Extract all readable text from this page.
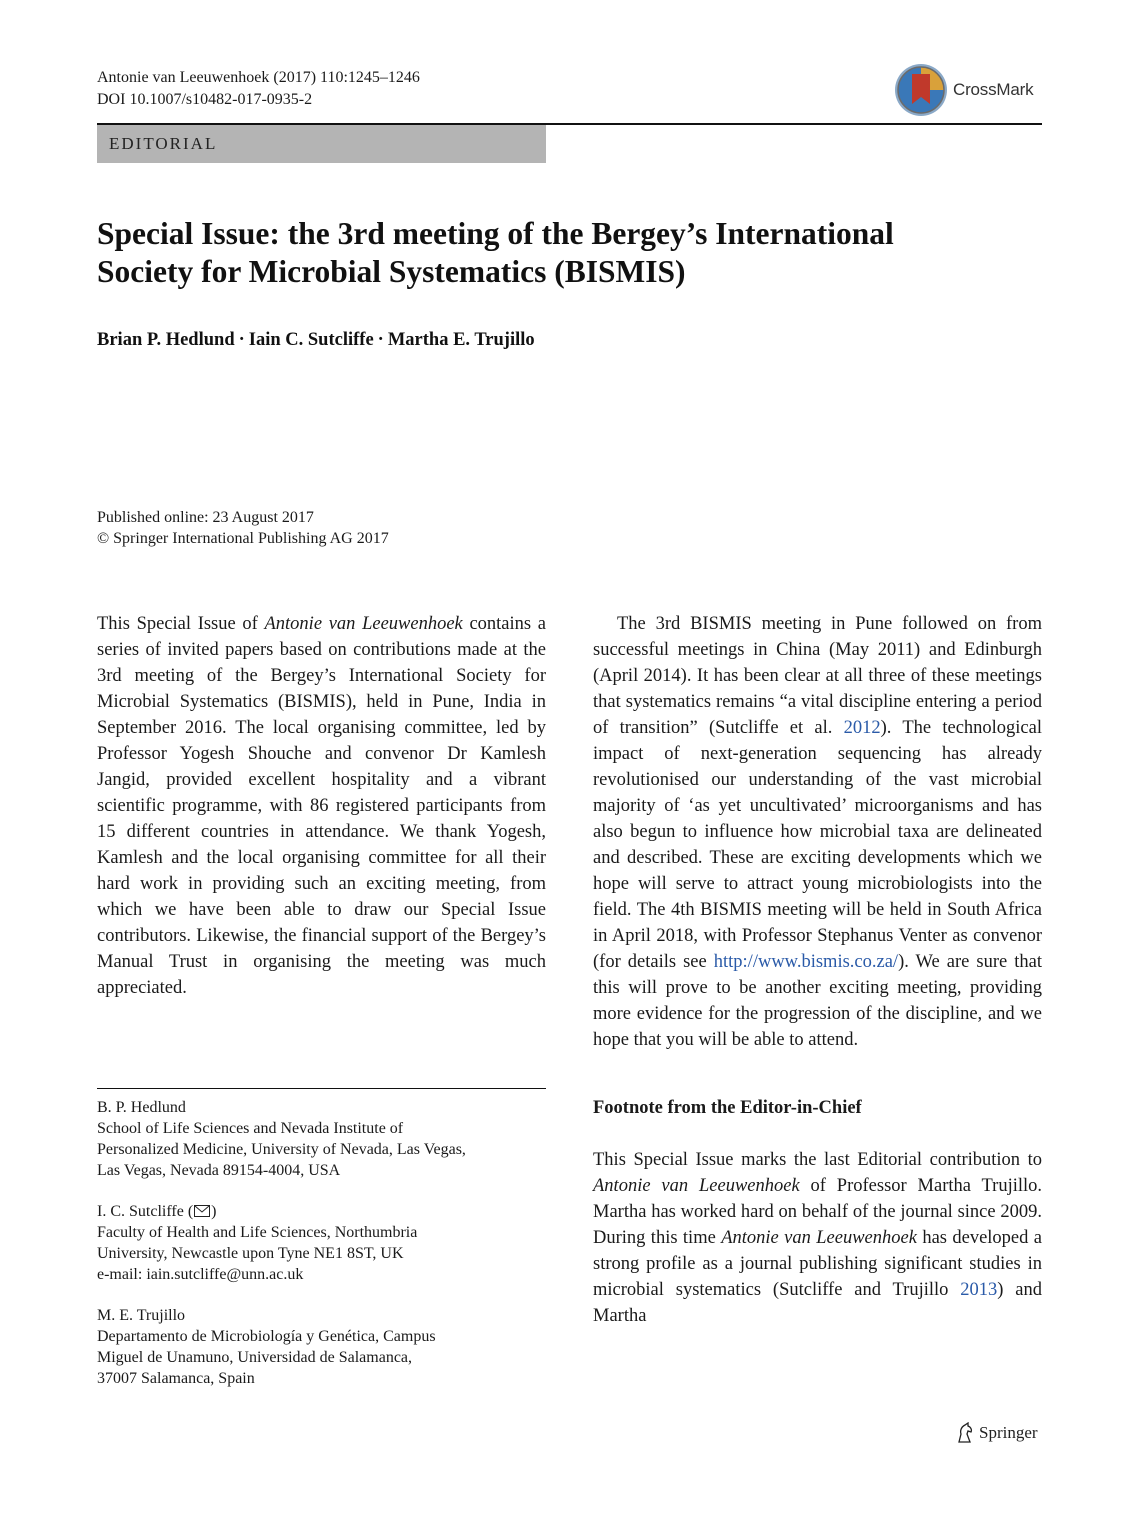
Antonie van Leeuwenhoek (2017) 110:1245–1246
DOI 10.1007/s10482-017-0935-2
CrossMark
EDITORIAL
Special Issue: the 3rd meeting of the Bergey’s International Society for Microbial Systematics (BISMIS)
Brian P. Hedlund · Iain C. Sutcliffe · Martha E. Trujillo
Published online: 23 August 2017
© Springer International Publishing AG 2017

This Special Issue of Antonie van Leeuwenhoek contains a series of invited papers based on contributions made at the 3rd meeting of the Bergey’s International Society for Microbial Systematics (BISMIS), held in Pune, India in September 2016. The local organising committee, led by Professor Yogesh Shouche and convenor Dr Kamlesh Jangid, provided excellent hospitality and a vibrant scientific programme, with 86 registered participants from 15 different countries in attendance. We thank Yogesh, Kamlesh and the local organising committee for all their hard work in providing such an exciting meeting, from which we have been able to draw our Special Issue contributors. Likewise, the financial support of the Bergey’s Manual Trust in organising the meeting was much appreciated.

The 3rd BISMIS meeting in Pune followed on from successful meetings in China (May 2011) and Edinburgh (April 2014). It has been clear at all three of these meetings that systematics remains “a vital discipline entering a period of transition” (Sutcliffe et al. 2012). The technological impact of next-generation sequencing has already revolutionised our understanding of the vast microbial majority of ‘as yet uncultivated’ microorganisms and has also begun to influence how microbial taxa are delineated and described. These are exciting developments which we hope will serve to attract young microbiologists into the field. The 4th BISMIS meeting will be held in South Africa in April 2018, with Professor Stephanus Venter as convenor (for details see http://www.bismis.co.za/). We are sure that this will prove to be another exciting meeting, providing more evidence for the progression of the discipline, and we hope that you will be able to attend.

Footnote from the Editor-in-Chief

This Special Issue marks the last Editorial contribution to Antonie van Leeuwenhoek of Professor Martha Trujillo. Martha has worked hard on behalf of the journal since 2009. During this time Antonie van Leeuwenhoek has developed a strong profile as a journal publishing significant studies in microbial systematics (Sutcliffe and Trujillo 2013) and Martha

B. P. Hedlund
School of Life Sciences and Nevada Institute of
Personalized Medicine, University of Nevada, Las Vegas,
Las Vegas, Nevada 89154-4004, USA
I. C. Sutcliffe ( )
Faculty of Health and Life Sciences, Northumbria
University, Newcastle upon Tyne NE1 8ST, UK
e-mail: iain.sutcliffe@unn.ac.uk
M. E. Trujillo
Departamento de Microbiología y Genética, Campus
Miguel de Unamuno, Universidad de Salamanca,
37007 Salamanca, Spain
Springer
